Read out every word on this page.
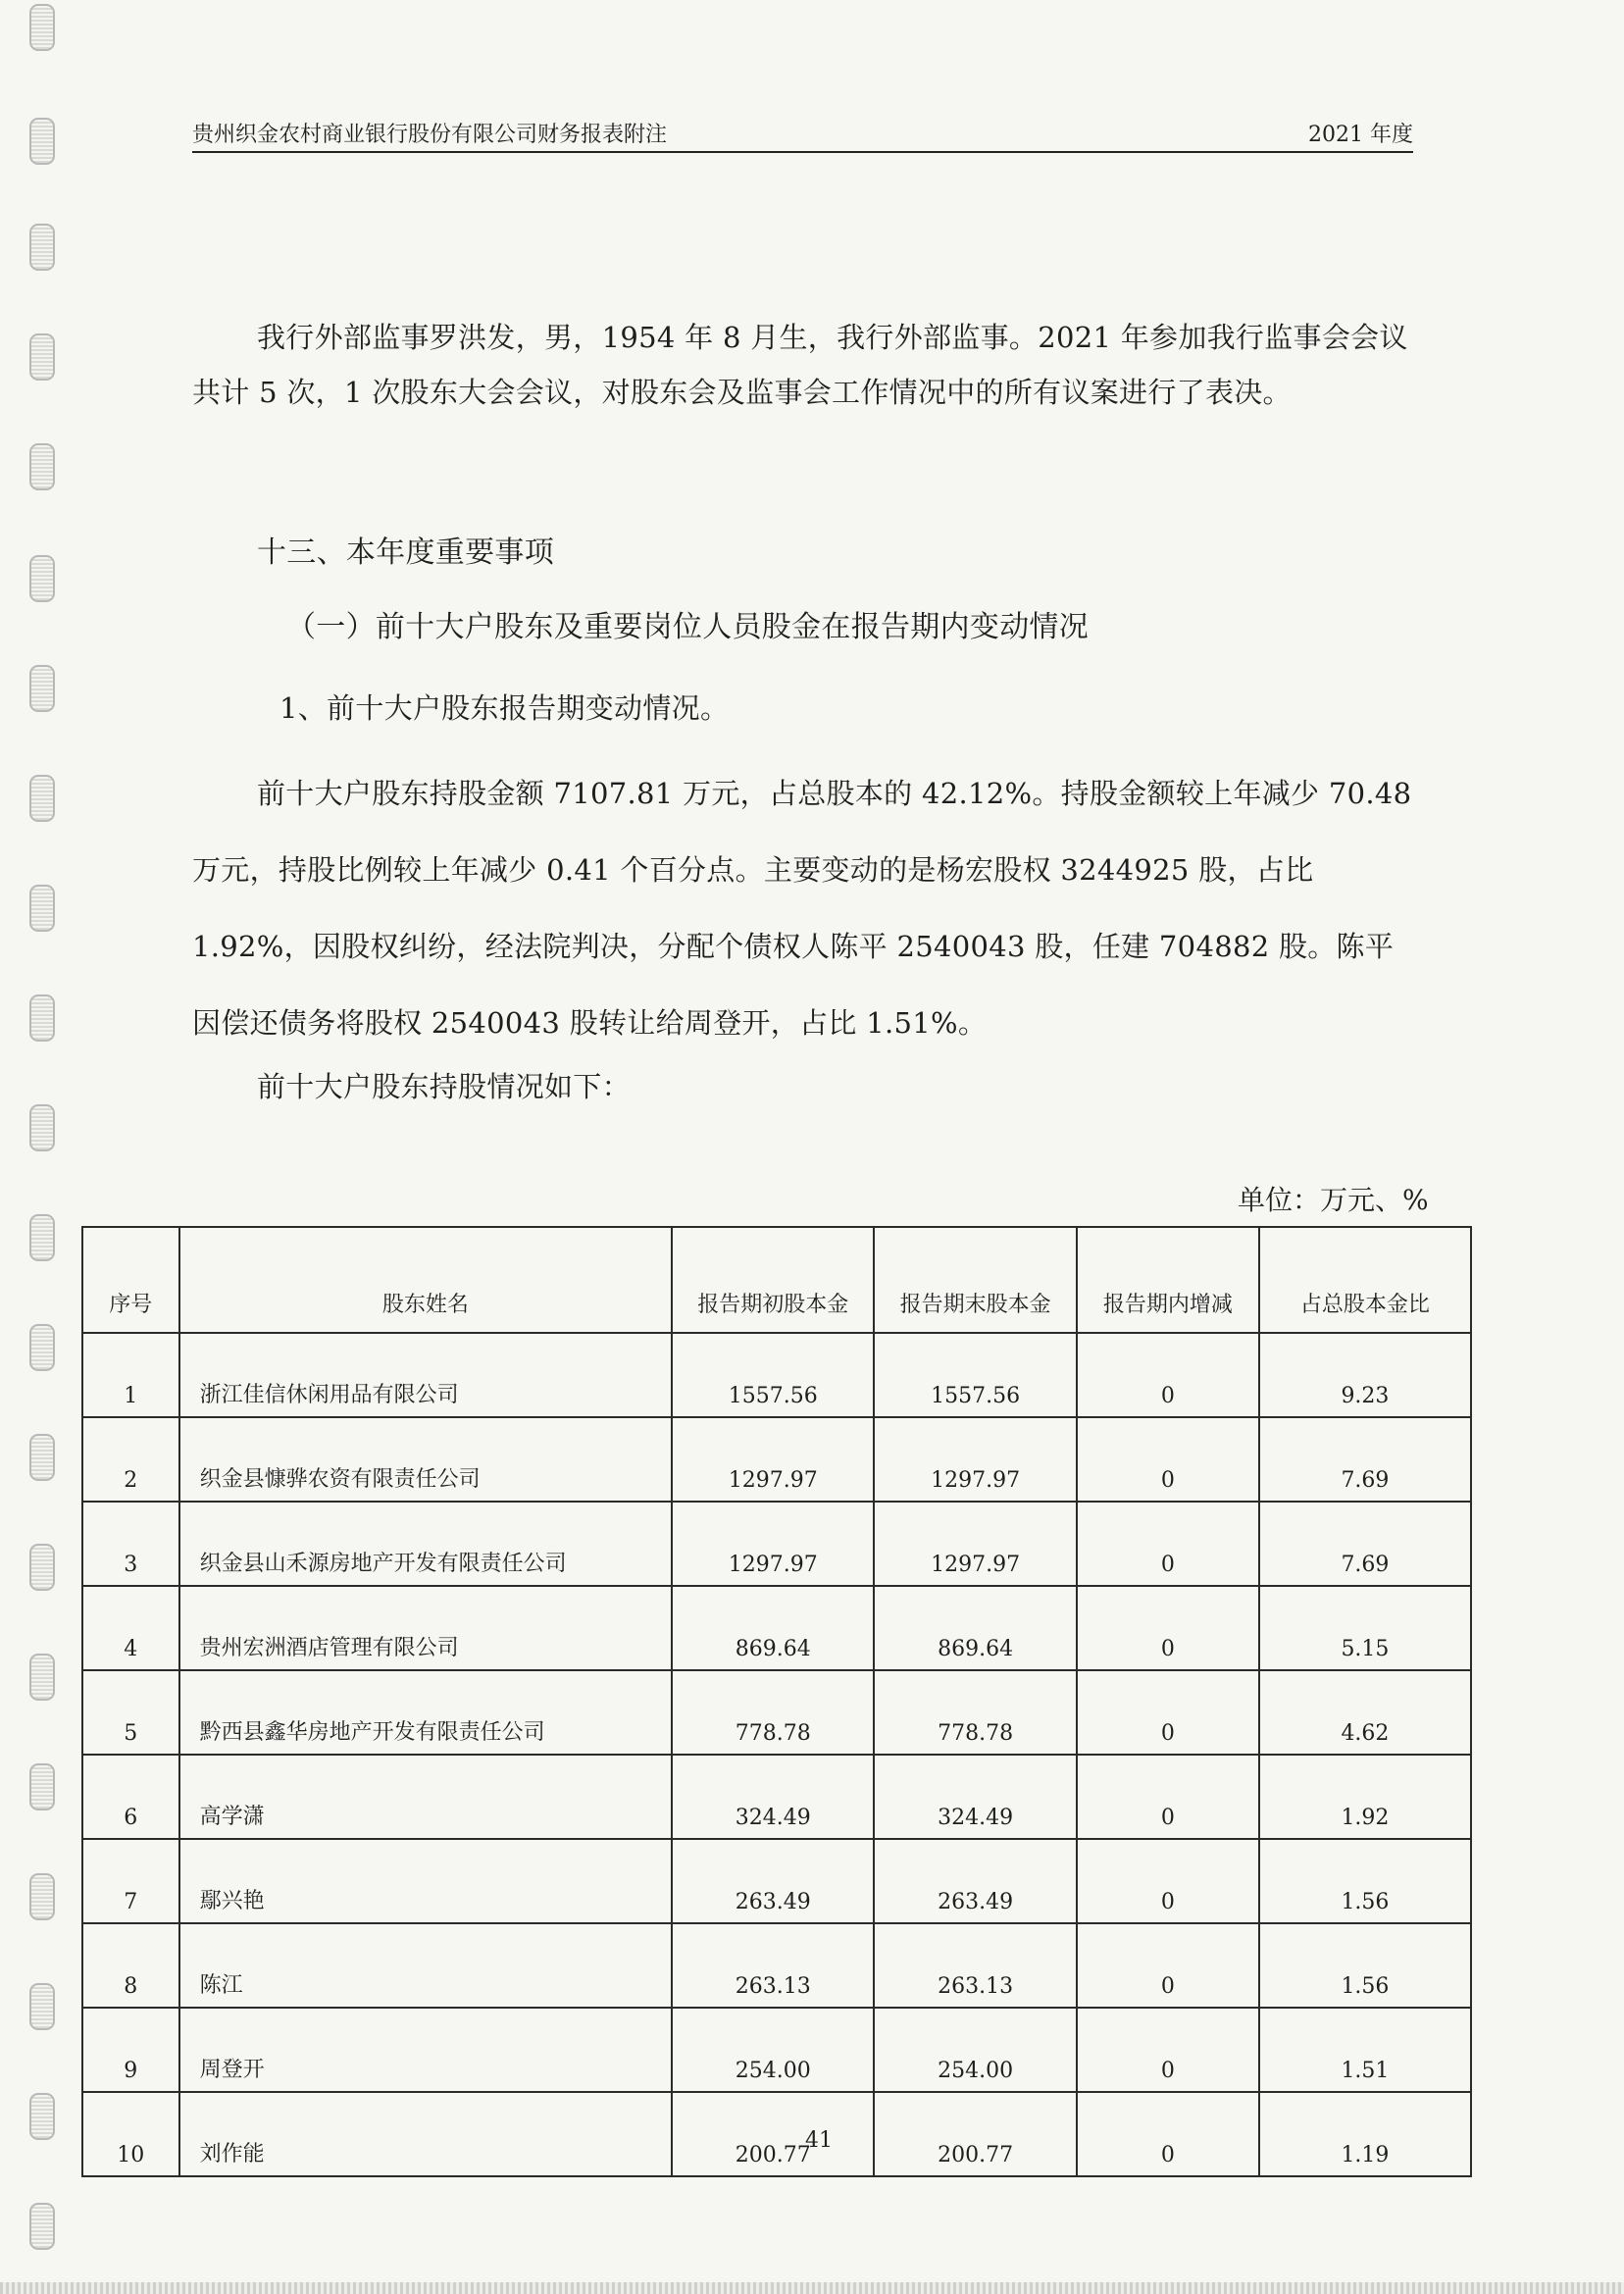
贵州织金农村商业银行股份有限公司财务报表附注	2021 年度
我行外部监事罗洪发，男，1954 年 8 月生，我行外部监事。2021 年参加我行监事会会议共计 5 次，1 次股东大会会议，对股东会及监事会工作情况中的所有议案进行了表决。
十三、本年度重要事项
（一）前十大户股东及重要岗位人员股金在报告期内变动情况
1、前十大户股东报告期变动情况。
前十大户股东持股金额 7107.81 万元，占总股本的 42.12%。持股金额较上年减少 70.48 万元，持股比例较上年减少 0.41 个百分点。主要变动的是杨宏股权 3244925 股，占比 1.92%，因股权纠纷，经法院判决，分配个债权人陈平 2540043 股，任建 704882 股。陈平因偿还债务将股权 2540043 股转让给周登开，占比 1.51%。
前十大户股东持股情况如下：
单位：万元、%
序号	股东姓名	报告期初股本金	报告期末股本金	报告期内增减	占总股本金比
1	浙江佳信休闲用品有限公司	1557.56	1557.56	0	9.23
2	织金县慷骅农资有限责任公司	1297.97	1297.97	0	7.69
3	织金县山禾源房地产开发有限责任公司	1297.97	1297.97	0	7.69
4	贵州宏洲酒店管理有限公司	869.64	869.64	0	5.15
5	黔西县鑫华房地产开发有限责任公司	778.78	778.78	0	4.62
6	高学潇	324.49	324.49	0	1.92
7	鄢兴艳	263.49	263.49	0	1.56
8	陈江	263.13	263.13	0	1.56
9	周登开	254.00	254.00	0	1.51
10	刘作能	200.77	200.77	0	1.19
41
